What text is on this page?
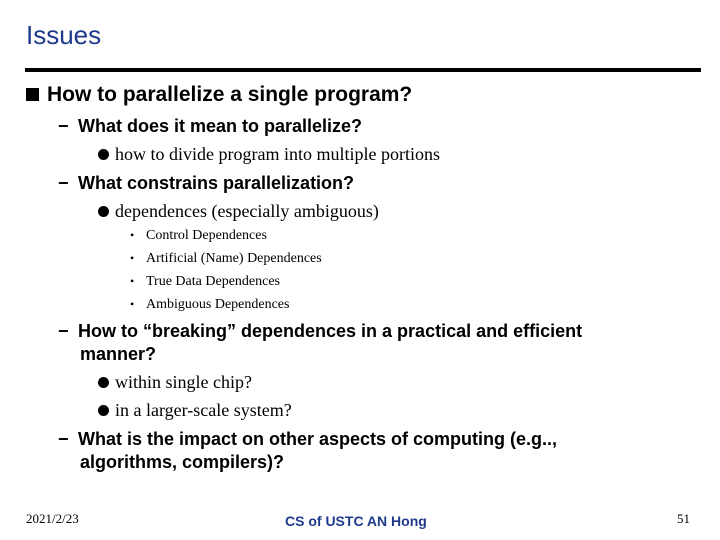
Issues
How to parallelize a single program?
− What does it mean to parallelize?
how to divide program into multiple portions
− What constrains parallelization?
dependences (especially ambiguous)
• Control Dependences
• Artificial (Name) Dependences
• True Data Dependences
• Ambiguous Dependences
− How to “breaking” dependences in a practical and efficient
manner?
within single chip?
in a larger-scale system?
− What is the impact on other aspects of computing (e.g..,
algorithms, compilers)?
2021/2/23	CS of USTC AN Hong	51
